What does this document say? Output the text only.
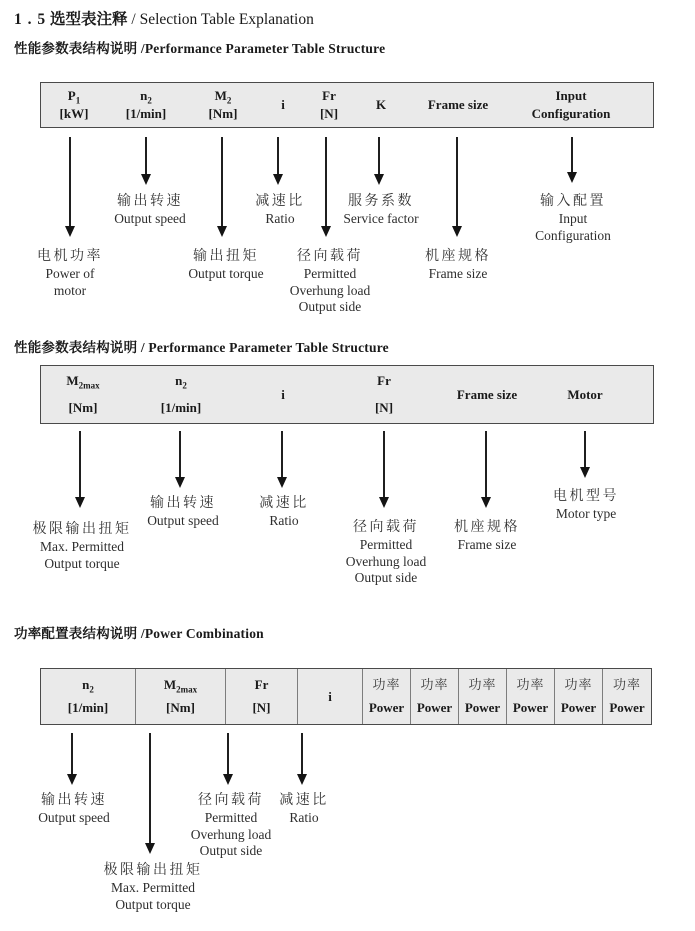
1 . 5 选型表注释 / Selection Table Explanation
性能参数表结构说明 /Performance Parameter Table Structure
$P_1$
[kW]
$n_2$
[1/min]
$M_2$
[Nm]
i
Fr
[N]
K	Frame size
Input
Configuration
输出转速
Output speed
减速比
Ratio
服务系数
Service factor
输入配置
Input
Configuration
电机功率
Power of
motor
输出扭矩
Output torque
径向载荷
Permitted
Overhung load
Output side
机座规格
Frame size
性能参数表结构说明 / Performance Parameter Table Structure
$M_{2max}$
[Nm]
$n_2$
[1/min]
i
Fr
[N]
Frame size	Motor
输出转速
Output speed
减速比
Ratio
电机型号
Motor type
极限输出扭矩
Max. Permitted
Output torque
径向载荷
Permitted
Overhung load
Output side
机座规格
Frame size
功率配置表结构说明 /Power Combination
$n_2$
[1/min]
$M_{2max}$
[Nm]
Fr
[N]
i
功率
Power
功率
Power
功率
Power
功率
Power
功率
Power
功率
Power
输出转速
Output speed
径向载荷
Permitted
Overhung load
Output side
减速比
Ratio
极限输出扭矩
Max. Permitted
Output torque
